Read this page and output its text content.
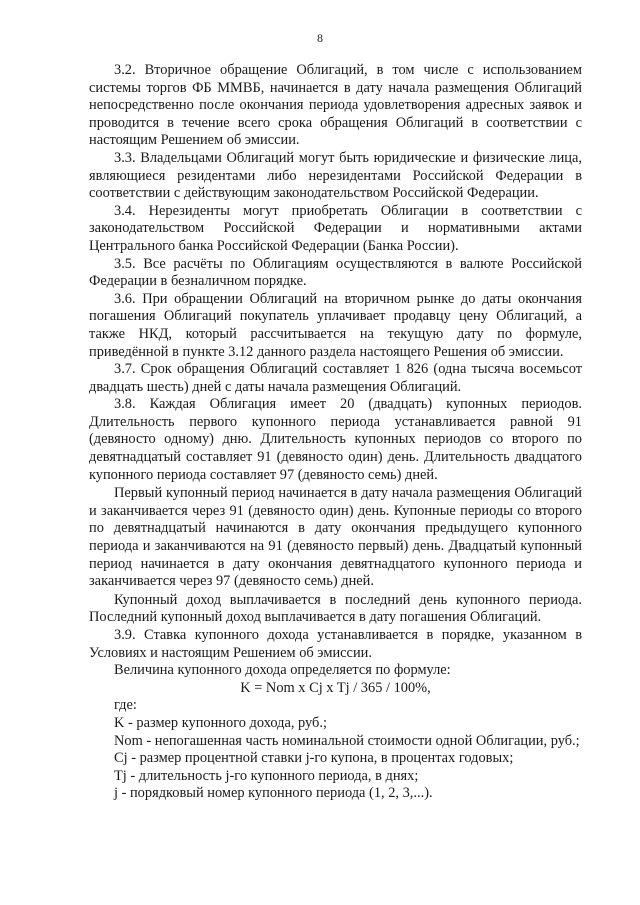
8

3.2. Вторичное обращение Облигаций, в том числе с использованием системы торгов ФБ ММВБ, начинается в дату начала размещения Облигаций непосредственно после окончания периода удовлетворения адресных заявок и проводится в течение всего срока обращения Облигаций в соответствии с настоящим Решением об эмиссии.

3.3. Владельцами Облигаций могут быть юридические и физические лица, являющиеся резидентами либо нерезидентами Российской Федерации в соответствии с действующим законодательством Российской Федерации.

3.4. Нерезиденты могут приобретать Облигации в соответствии с законодательством Российской Федерации и нормативными актами Центрального банка Российской Федерации (Банка России).

3.5. Все расчёты по Облигациям осуществляются в валюте Российской Федерации в безналичном порядке.

3.6. При обращении Облигаций на вторичном рынке до даты окончания погашения Облигаций покупатель уплачивает продавцу цену Облигаций, а также НКД, который рассчитывается на текущую дату по формуле, приведённой в пункте 3.12 данного раздела настоящего Решения об эмиссии.

3.7. Срок обращения Облигаций составляет 1 826 (одна тысяча восемьсот двадцать шесть) дней с даты начала размещения Облигаций.

3.8. Каждая Облигация имеет 20 (двадцать) купонных периодов. Длительность первого купонного периода устанавливается равной 91 (девяносто одному) дню. Длительность купонных периодов со второго по девятнадцатый составляет 91 (девяносто один) день. Длительность двадцатого купонного периода составляет 97 (девяносто семь) дней.

Первый купонный период начинается в дату начала размещения Облигаций и заканчивается через 91 (девяносто один) день. Купонные периоды со второго по девятнадцатый начинаются в дату окончания предыдущего купонного периода и заканчиваются на 91 (девяносто первый) день. Двадцатый купонный период начинается в дату окончания девятнадцатого купонного периода и заканчивается через 97 (девяносто семь) дней.

Купонный доход выплачивается в последний день купонного периода. Последний купонный доход выплачивается в дату погашения Облигаций.

3.9. Ставка купонного дохода устанавливается в порядке, указанном в Условиях и настоящим Решением об эмиссии.

Величина купонного дохода определяется по формуле:

K = Nom x Cj x Tj / 365 / 100%,

где:

K - размер купонного дохода, руб.;

Nom - непогашенная часть номинальной стоимости одной Облигации, руб.;

Cj - размер процентной ставки j-го купона, в процентах годовых;

Tj - длительность j-го купонного периода, в днях;

j - порядковый номер купонного периода (1, 2, 3,...).
